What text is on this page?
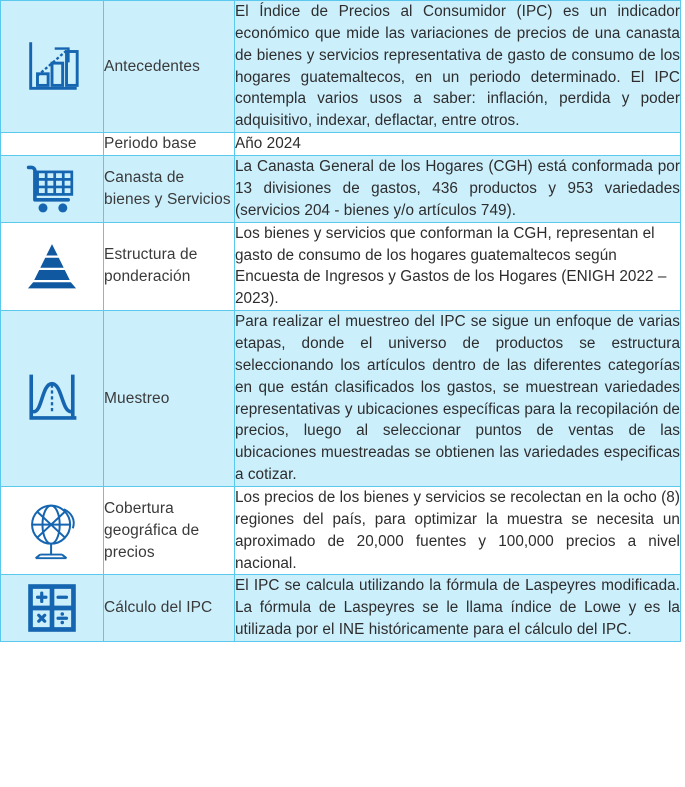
	Antecedentes	El Índice de Precios al Consumidor (IPC) es un indicador económico que mide las variaciones de precios de una canasta de bienes y servicios representativa de gasto de consumo de los hogares guatemaltecos, en un periodo determinado. El IPC contempla varios usos a saber: inflación, perdida y poder adquisitivo, indexar, deflactar, entre otros.
	Periodo base	Año 2024

	Canasta de bienes y Servicios	La Canasta General de los Hogares (CGH) está conformada por 13 divisiones de gastos, 436 productos y 953 variedades (servicios 204 - bienes y/o artículos 749).

	Estructura de ponderación	Los bienes y servicios que conforman la CGH, representan el gasto de consumo de los hogares guatemaltecos según Encuesta de Ingresos y Gastos de los Hogares (ENIGH 2022 – 2023).

	Muestreo	Para realizar el muestreo del IPC se sigue un enfoque de varias etapas, donde el universo de productos se estructura seleccionando los artículos dentro de las diferentes categorías en que están clasificados los gastos, se muestrean variedades representativas y ubicaciones específicas para la recopilación de precios, luego al seleccionar puntos de ventas de las ubicaciones muestreadas se obtienen las variedades especificas a cotizar.

	Cobertura geográfica de precios	Los precios de los bienes y servicios se recolectan en la ocho (8) regiones del país, para optimizar la muestra se necesita un aproximado de 20,000 fuentes y 100,000 precios a nivel nacional.

	Cálculo del IPC	El IPC se calcula utilizando la fórmula de Laspeyres modificada. La fórmula de Laspeyres se le llama índice de Lowe y es la utilizada por el INE históricamente para el cálculo del IPC.
